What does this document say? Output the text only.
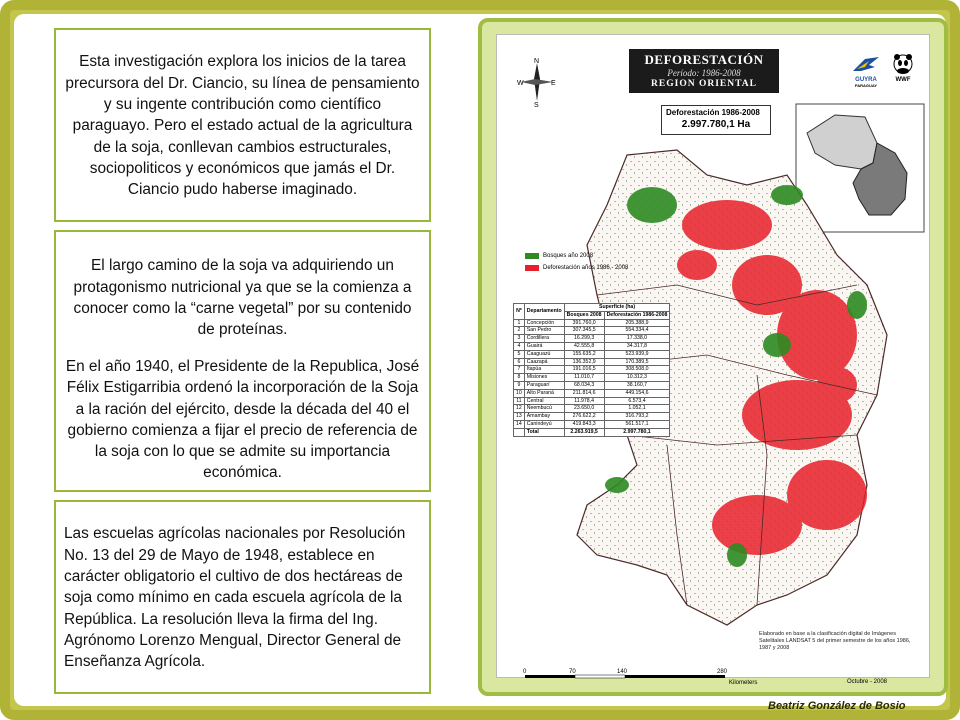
Esta investigación explora los inicios de la tarea precursora del Dr. Ciancio, su línea de pensamiento y su ingente contribución como científico paraguayo. Pero el estado actual de la agricultura de la soja, conllevan cambios estructurales, sociopoliticos y económicos que jamás el Dr. Ciancio pudo haberse imaginado.

El largo camino de la soja va adquiriendo un protagonismo nutricional ya que se la comienza a conocer como la “carne vegetal” por su contenido de proteínas.

En el año 1940, el Presidente de la Republica, José Félix Estigarribia ordenó la incorporación de la Soja a la ración del ejército, desde la década del 40 el gobierno comienza a fijar el precio de referencia de la soja con lo que se admite su importancia económica.

Las escuelas agrícolas nacionales por Resolución No. 13 del 29 de Mayo de 1948, establece en carácter obligatorio el cultivo de dos hectáreas de soja como mínimo en cada escuela agrícola de la República. La resolución lleva la firma del Ing. Agrónomo Lorenzo Mengual, Director General de Enseñanza Agrícola.

N
S
W	E
DEFORESTACIÓN
Período: 1986-2008
REGION ORIENTAL	GUYRA
PARAGUAY
WWF
Deforestación 1986-2008
2.997.780,1 Ha
Bosques año 2008
Deforestación años 1986 - 2008
Nº	Departamento	Superficie (ha)	
		Bosques 2008	Deforestación 1986-2008
1	Concepción	391.760,0	205.388,9
2	San Pedro	307.345,5	554.334,4
3	Cordillera	16.299,3	17.338,0
4	Guairá	42.555,8	34.317,8
5	Caaguazú	155.635,2	523.939,9
6	Caazapá	136.352,9	170.389,5
7	Itapúa	191.016,5	308.508,0
8	Misiones	11.010,7	10.312,3
9	Paraguarí	68.034,3	38.160,7
10	Alto Paraná	211.814,6	449.154,6
11	Central	11.978,4	6.573,4
12	Ñeembucú	23.650,0	1.052,1
13	Amambay	276.622,2	316.793,2
14	Canindeyú	419.843,3	561.517,1
	Total	2.263.919,5	2.997.780,1
Elaborado en base a la clasificación digital de Imágenes Satelitales LANDSAT 5 del primer semestre de los años 1986, 1987 y 2008
0	70	140	280
Kilometers	Octubre - 2008
Beatriz González de Bosio
